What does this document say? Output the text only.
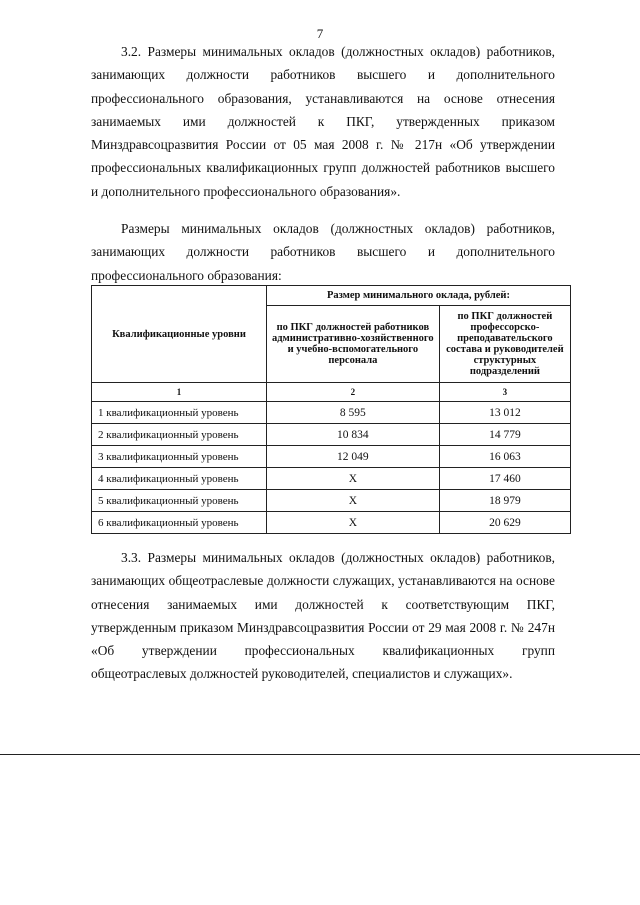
7

3.2. Размеры минимальных окладов (должностных окладов) работников, занимающих должности работников высшего и дополнительного профессионального образования, устанавливаются на основе отнесения занимаемых ими должностей к ПКГ, утвержденных приказом Минздравсоцразвития России от 05 мая 2008 г. № 217н «Об утверждении профессиональных квалификационных групп должностей работников высшего и дополнительного профессионального образования».

Размеры минимальных окладов (должностных окладов) работников, занимающих должности работников высшего и дополнительного профессионального образования:

Квалификационные уровни	Размер минимального оклада, рублей:	
	по ПКГ должностей работников административно-хозяйственного и учебно-вспомогательного персонала	по ПКГ должностей профессорско-преподавательского состава и руководителей структурных подразделений
1	2	3
1 квалификационный уровень	8 595	13 012
2 квалификационный уровень	10 834	14 779
3 квалификационный уровень	12 049	16 063
4 квалификационный уровень	X	17 460
5 квалификационный уровень	X	18 979
6 квалификационный уровень	X	20 629

3.3. Размеры минимальных окладов (должностных окладов) работников, занимающих общеотраслевые должности служащих, устанавливаются на основе отнесения занимаемых ими должностей к соответствующим ПКГ, утвержденным приказом Минздравсоцразвития России от 29 мая 2008 г. № 247н «Об утверждении профессиональных квалификационных групп общеотраслевых должностей руководителей, специалистов и служащих».
